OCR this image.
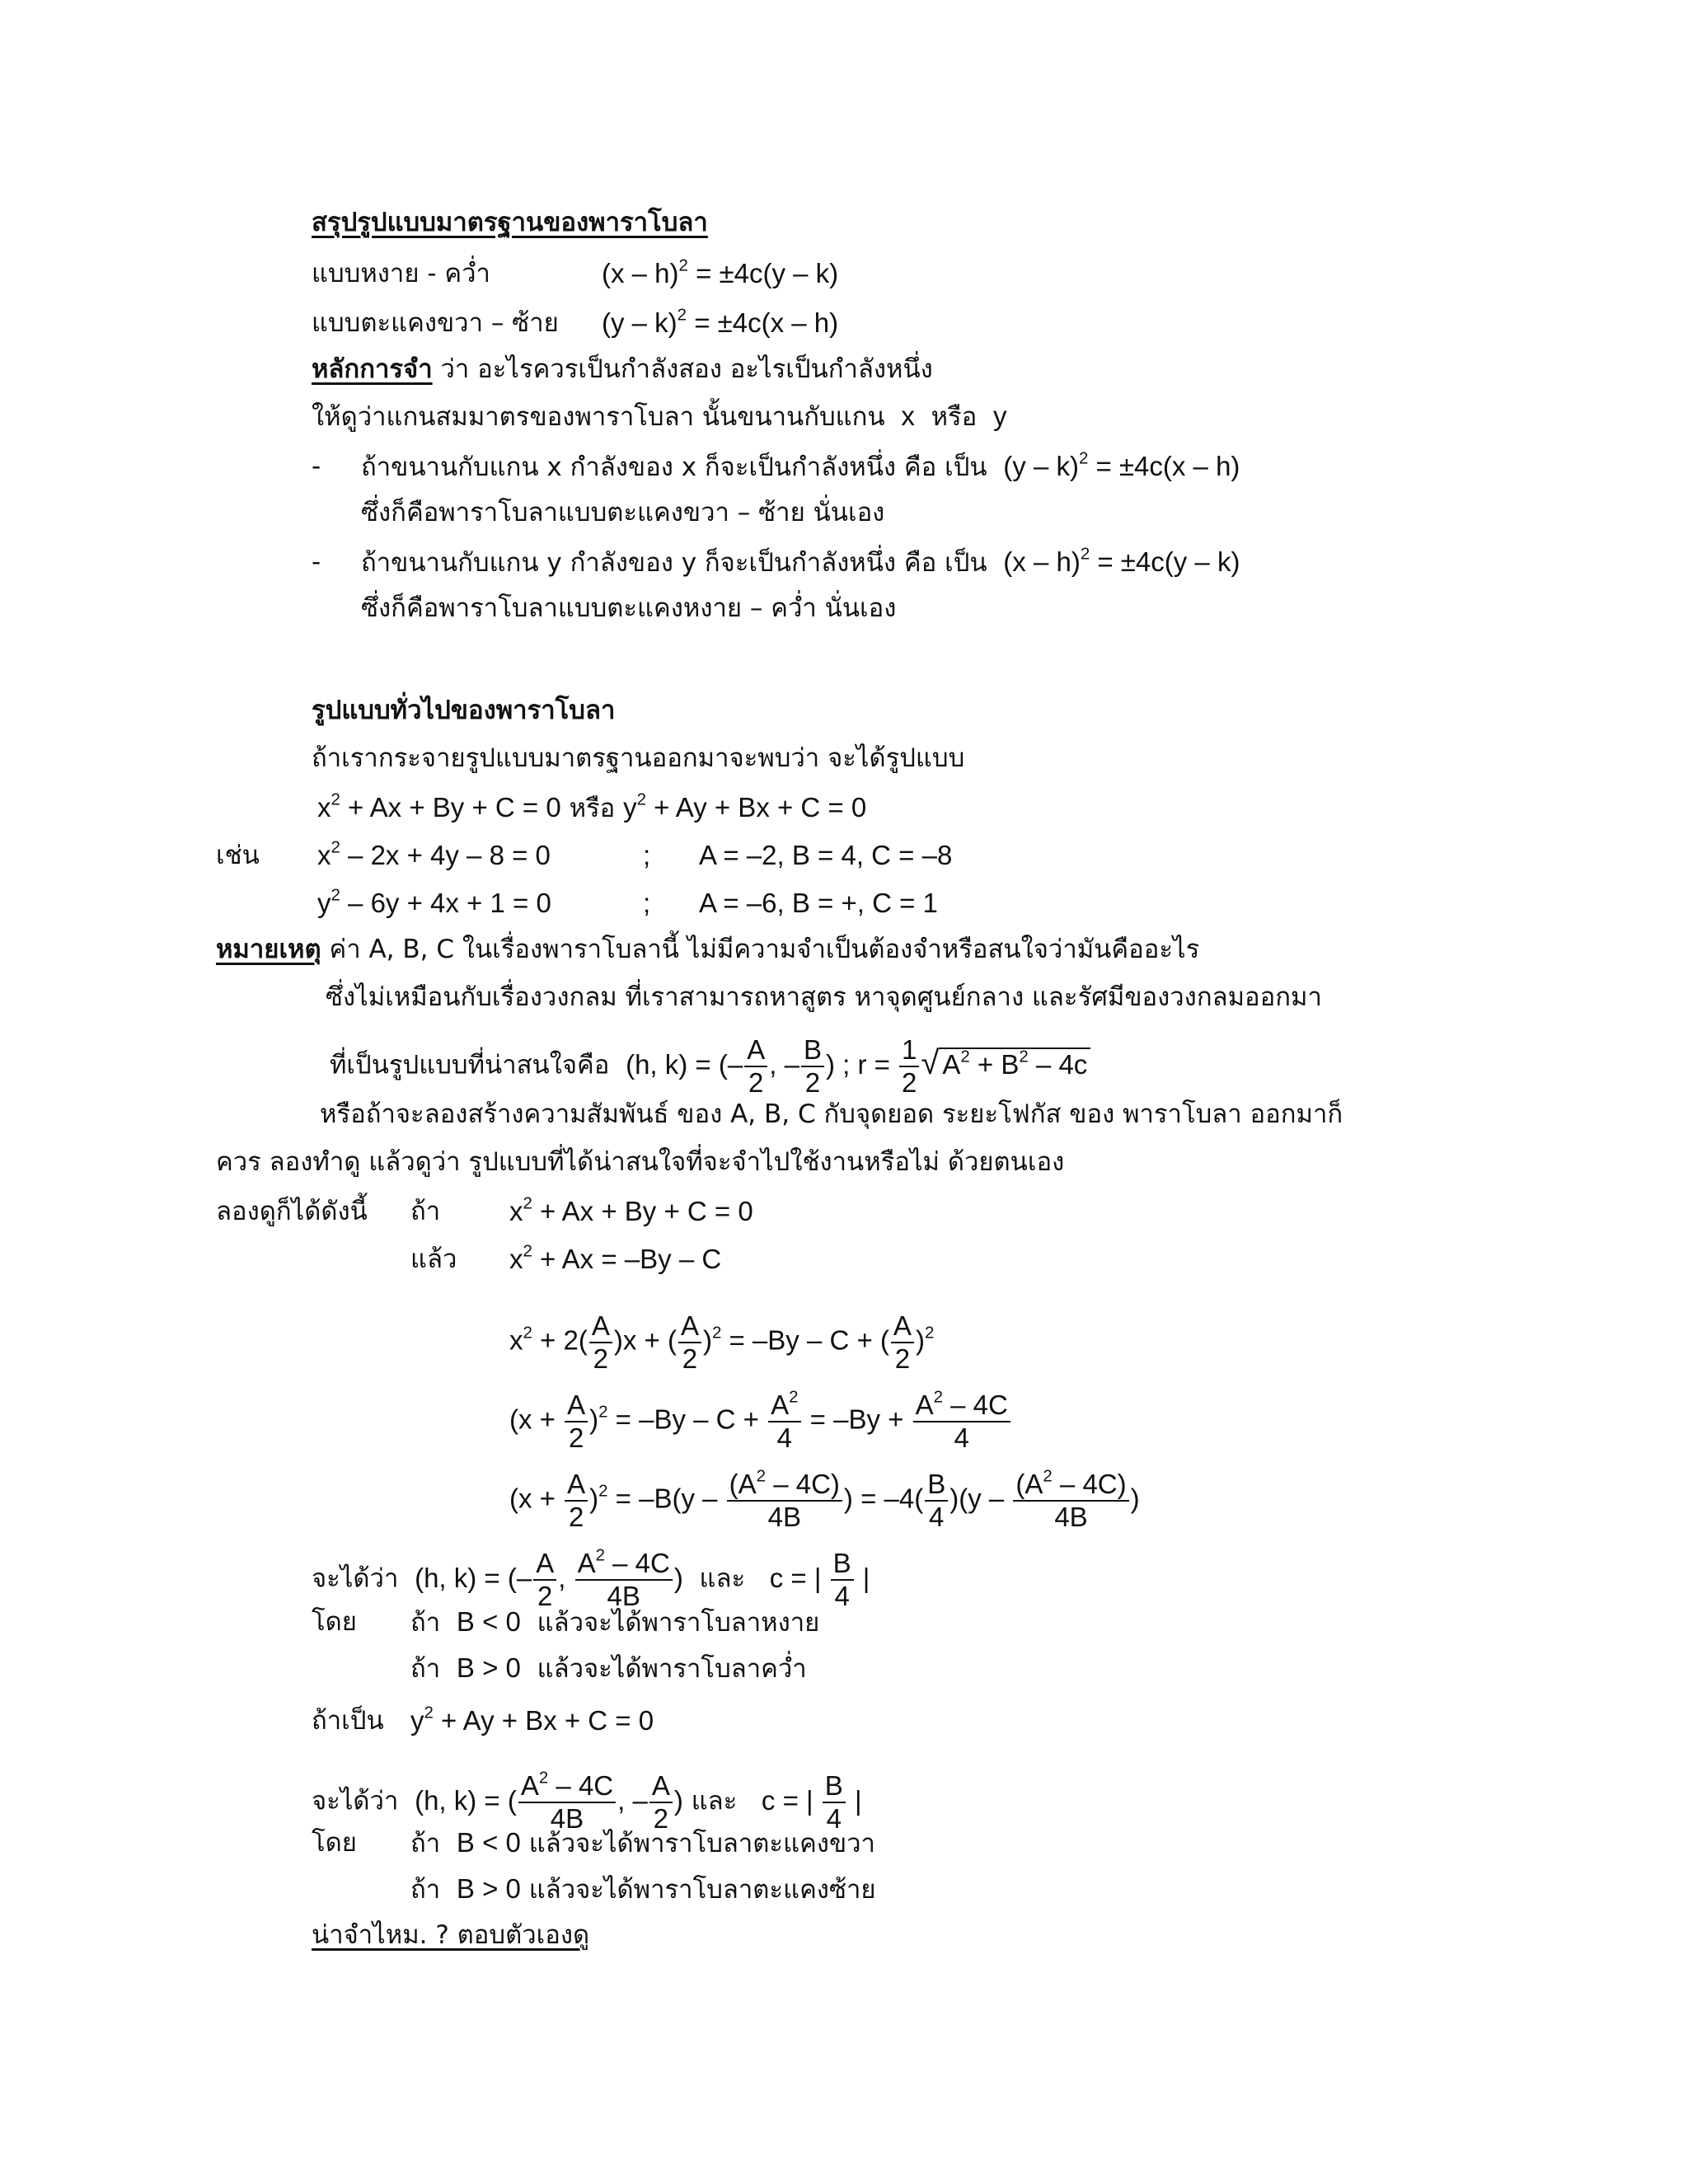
สรุปรูปแบบมาตรฐานของพาราโบลา
แบบหงาย - คว่ำ	(x – h)$^2$ = ±4c(y – k)
แบบตะแคงขวา – ซ้าย (y – k)$^2$ = ±4c(x – h)
หลักการจำ ว่า อะไรควรเป็นกำลังสอง อะไรเป็นกำลังหนึ่ง
ให้ดูว่าแกนสมมาตรของพาราโบลา นั้นขนานกับแกน x หรือ y
- ถ้าขนานกับแกน x กำลังของ x ก็จะเป็นกำลังหนึ่ง คือ เป็น (y – k)$^2$ = ±4c(x – h)
ซึ่งก็คือพาราโบลาแบบตะแคงขวา – ซ้าย นั่นเอง
- ถ้าขนานกับแกน y กำลังของ y ก็จะเป็นกำลังหนึ่ง คือ เป็น (x – h)$^2$ = ±4c(y – k)
ซึ่งก็คือพาราโบลาแบบตะแคงหงาย – คว่ำ นั่นเอง
รูปแบบทั่วไปของพาราโบลา
ถ้าเรากระจายรูปแบบมาตรฐานออกมาจะพบว่า จะได้รูปแบบ
$x^2 + Ax + By + C = 0$ หรือ $y^2 + Ay + Bx + C = 0$
เช่น $x^2 - 2x + 4y - 8 = 0$	; A = –2, B = 4, C = –8
$y^2 - 6y + 4x + 1 = 0$	; A = –6, B = +, C = 1
หมายเหตุ ค่า A, B, C ในเรื่องพาราโบลานี้ ไม่มีความจำเป็นต้องจำหรือสนใจว่ามันคืออะไร
ซึ่งไม่เหมือนกับเรื่องวงกลม ที่เราสามารถหาสูตร หาจุดศูนย์กลาง และรัศมีของวงกลมออกมา
ที่เป็นรูปแบบที่น่าสนใจคือ (h, k) = (– $\frac{A}{2}$ , – $\frac{B}{2}$ ) ; $r = \frac{1}{2}$ √ $A^2 + B^2 - 4c$
หรือถ้าจะลองสร้างความสัมพันธ์ ของ A, B, C กับจุดยอด ระยะโฟกัส ของ พาราโบลา ออกมาก็
ควร ลองทำดู แล้วดูว่า รูปแบบที่ได้น่าสนใจที่จะจำไปใช้งานหรือไม่ ด้วยตนเอง
ลองดูก็ได้ดังนี้ ถ้า	$x^2 + Ax + By + C = 0$
แล้ว $x^2 + Ax = -By - C$
$x^2 + 2( \frac{A}{2} )x$ + ( $\frac{A}{2} )^2 = -By - C$ + ( $\frac{A}{2} )^2$
$(x + \frac{A}{2} )^2 = -By - C + \frac{A^2}{4} = -By + \frac{A^2 - 4C}{4}$
$(x + \frac{A}{2} )^2 = -B(y - \frac{(A^2 - 4C)}{4B}$ ) = $-4( \frac{B}{4} )(y - \frac{(A^2 - 4C)}{4B}$ )
จะได้ว่า (h, k) = (– $\frac{A}{2}$ , $\frac{A^2 - 4C}{4B}$ ) และ c = | $\frac{B}{4}$ |
โดย ถ้า B < 0 แล้วจะได้พาราโบลาหงาย
ถ้า B > 0 แล้วจะได้พาราโบลาคว่ำ
ถ้าเป็น $y^2 + Ay + Bx + C = 0$
จะได้ว่า (h, k) = ( $\frac{A^2 - 4C}{4B}$ , – $\frac{A}{2}$ ) และ c = | $\frac{B}{4}$ |
โดย ถ้า B < 0 แล้วจะได้พาราโบลาตะแคงขวา
ถ้า B > 0 แล้วจะได้พาราโบลาตะแคงซ้าย
น่าจำไหม. ? ตอบตัวเองดู
